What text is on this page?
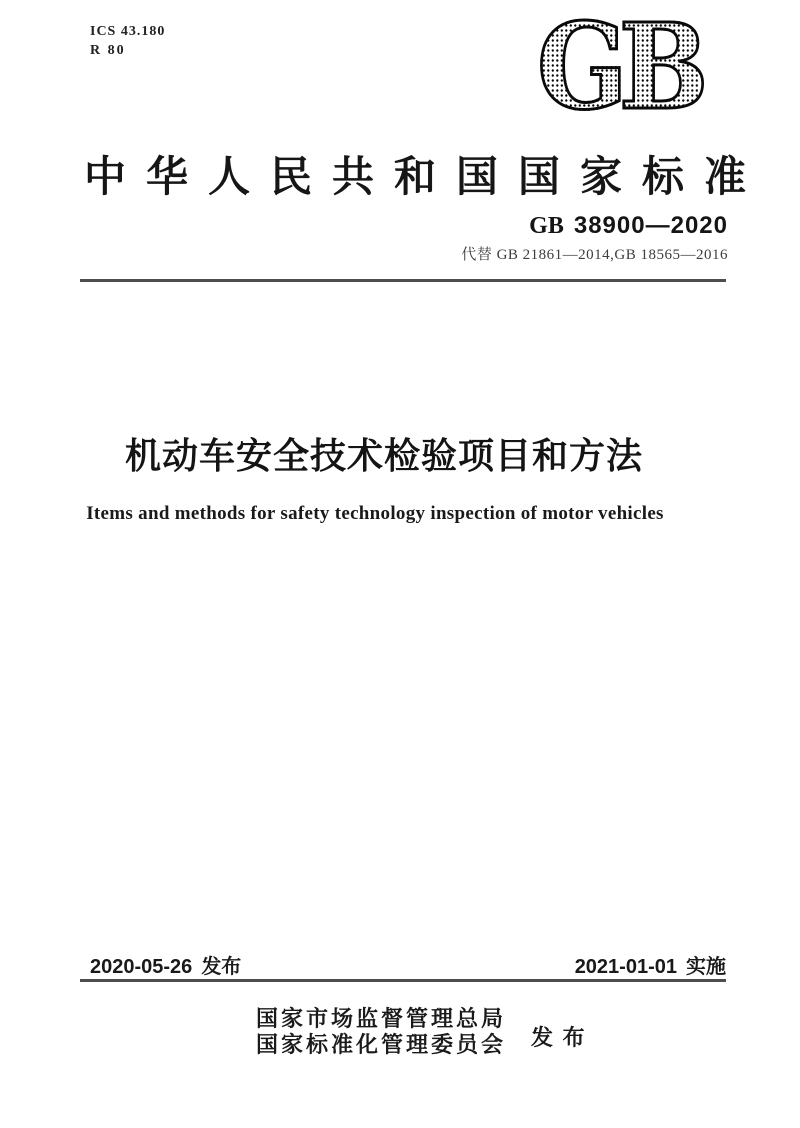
ICS 43.180
R 80	GB
中华人民共和国国家标准
GB 38900—2020
代替 GB 21861—2014,GB 18565—2016
机动车安全技术检验项目和方法
Items and methods for safety technology inspection of motor vehicles
2020-05-26 发布	2021-01-01 实施
国家市场监督管理总局
国家标准化管理委员会 发 布
